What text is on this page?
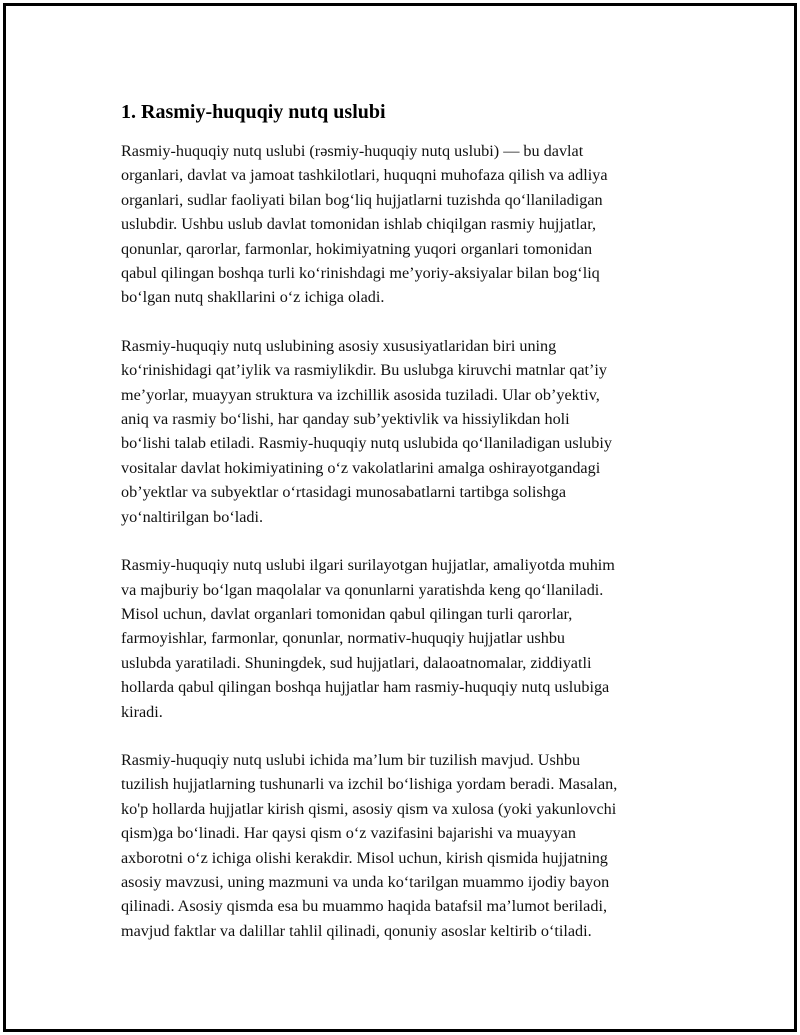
1. Rasmiy-huquqiy nutq uslubi

Rasmiy-huquqiy nutq uslubi (rəsmiy-huquqiy nutq uslubi) — bu davlat
organlari, davlat va jamoat tashkilotlari, huquqni muhofaza qilish va adliya
organlari, sudlar faoliyati bilan bog‘liq hujjatlarni tuzishda qo‘llaniladigan
uslubdir. Ushbu uslub davlat tomonidan ishlab chiqilgan rasmiy hujjatlar,
qonunlar, qarorlar, farmonlar, hokimiyatning yuqori organlari tomonidan
qabul qilingan boshqa turli ko‘rinishdagi me’yoriy-aksiyalar bilan bog‘liq
bo‘lgan nutq shakllarini o‘z ichiga oladi.

Rasmiy-huquqiy nutq uslubining asosiy xususiyatlaridan biri uning
ko‘rinishidagi qat’iylik va rasmiylikdir. Bu uslubga kiruvchi matnlar qat’iy
me’yorlar, muayyan struktura va izchillik asosida tuziladi. Ular ob’yektiv,
aniq va rasmiy bo‘lishi, har qanday sub’yektivlik va hissiylikdan holi
bo‘lishi talab etiladi. Rasmiy-huquqiy nutq uslubida qo‘llaniladigan uslubiy
vositalar davlat hokimiyatining o‘z vakolatlarini amalga oshirayotgandagi
ob’yektlar va subyektlar o‘rtasidagi munosabatlarni tartibga solishga
yo‘naltirilgan bo‘ladi.

Rasmiy-huquqiy nutq uslubi ilgari surilayotgan hujjatlar, amaliyotda muhim
va majburiy bo‘lgan maqolalar va qonunlarni yaratishda keng qo‘llaniladi.
Misol uchun, davlat organlari tomonidan qabul qilingan turli qarorlar,
farmoyishlar, farmonlar, qonunlar, normativ-huquqiy hujjatlar ushbu
uslubda yaratiladi. Shuningdek, sud hujjatlari, dalaoatnomalar, ziddiyatli
hollarda qabul qilingan boshqa hujjatlar ham rasmiy-huquqiy nutq uslubiga
kiradi.

Rasmiy-huquqiy nutq uslubi ichida ma’lum bir tuzilish mavjud. Ushbu
tuzilish hujjatlarning tushunarli va izchil bo‘lishiga yordam beradi. Masalan,
ko'p hollarda hujjatlar kirish qismi, asosiy qism va xulosa (yoki yakunlovchi
qism)ga bo‘linadi. Har qaysi qism o‘z vazifasini bajarishi va muayyan
axborotni o‘z ichiga olishi kerakdir. Misol uchun, kirish qismida hujjatning
asosiy mavzusi, uning mazmuni va unda ko‘tarilgan muammo ijodiy bayon
qilinadi. Asosiy qismda esa bu muammo haqida batafsil ma’lumot beriladi,
mavjud faktlar va dalillar tahlil qilinadi, qonuniy asoslar keltirib o‘tiladi.
